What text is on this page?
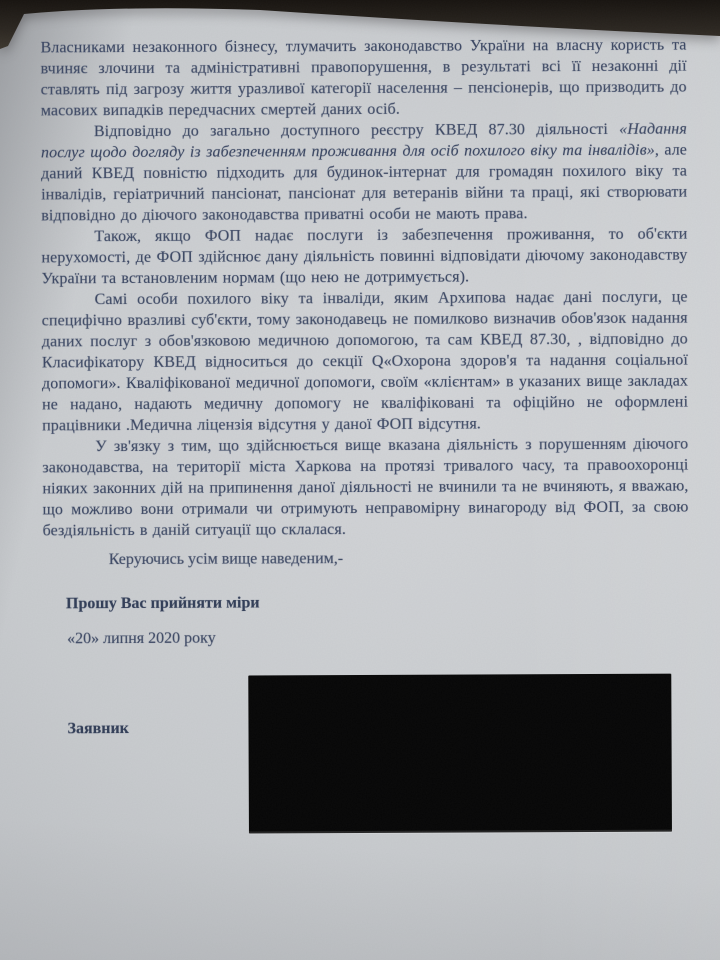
Власниками незаконного бізнесу, тлумачить законодавство України на власну користь та вчиняє злочини та адміністративні правопорушення, в результаті всі її незаконні дії ставлять під загрозу життя уразливої категорії населення – пенсіонерів, що призводить до масових випадків передчасних смертей даних осіб.

Відповідно до загально доступного реєстру КВЕД 87.30 діяльності «Надання послуг щодо догляду із забезпеченням проживання для осіб похилого віку та інвалідів», але даний КВЕД повністю підходить для будинок-інтернат для громадян похилого віку та інвалідів, геріатричний пансіонат, пансіонат для ветеранів війни та праці, які створювати відповідно до діючого законодавства приватні особи не мають права.

Також, якщо ФОП надає послуги із забезпечення проживання, то об'єкти нерухомості, де ФОП здійснює дану діяльність повинні відповідати діючому законодавству України та встановленим нормам (що нею не дотримується).

Самі особи похилого віку та інваліди, яким Архипова надає дані послуги, це специфічно вразливі суб'єкти, тому законодавець не помилково визначив обов'язок надання даних послуг з обов'язковою медичною допомогою, та сам КВЕД 87.30, , відповідно до Класифікатору КВЕД відноситься до секції Q«Охорона здоров'я та надання соціальної допомоги». Кваліфікованої медичної допомоги, своїм «клієнтам» в указаних вище закладах не надано, надають медичну допомогу не кваліфіковані та офіційно не оформлені працівники .Медична ліцензія відсутня у даної ФОП відсутня.

У зв'язку з тим, що здійснюється вище вказана діяльність з порушенням діючого законодавства, на території міста Харкова на протязі тривалого часу, та правоохоронці ніяких законних дій на припинення даної діяльності не вчинили та не вчиняють, я вважаю, що можливо вони отримали чи отримують неправомірну винагороду від ФОП, за свою бездіяльність в даній ситуації що склалася.

Керуючись усім вище наведеним,-
Прошу Вас прийняти міри
«20» липня 2020 року
Заявник
